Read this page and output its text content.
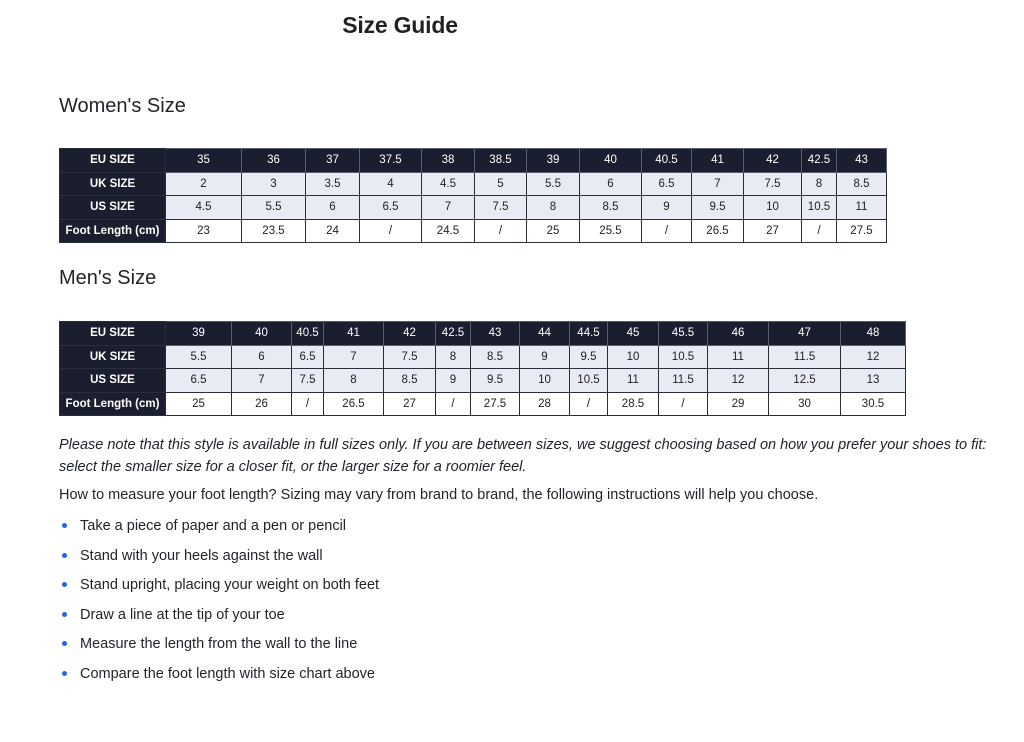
Size Guide
Women's Size
EU SIZE	35	36	37	37.5	38	38.5	39	40	40.5	41	42	42.5	43
UK SIZE	2	3	3.5	4	4.5	5	5.5	6	6.5	7	7.5	8	8.5
US SIZE	4.5	5.5	6	6.5	7	7.5	8	8.5	9	9.5	10	10.5	11
Foot Length (cm)	23	23.5	24	/	24.5	/	25	25.5	/	26.5	27	/	27.5
Men's Size
EU SIZE	39	40	40.5	41	42	42.5	43	44	44.5	45	45.5	46	47	48
UK SIZE	5.5	6	6.5	7	7.5	8	8.5	9	9.5	10	10.5	11	11.5	12
US SIZE	6.5	7	7.5	8	8.5	9	9.5	10	10.5	11	11.5	12	12.5	13
Foot Length (cm)	25	26	/	26.5	27	/	27.5	28	/	28.5	/	29	30	30.5

Please note that this style is available in full sizes only. If you are between sizes, we suggest choosing based on how you prefer your shoes to fit: select the smaller size for a closer fit, or the larger size for a roomier feel.

How to measure your foot length? Sizing may vary from brand to brand, the following instructions will help you choose.

Take a piece of paper and a pen or pencil
Stand with your heels against the wall
Stand upright, placing your weight on both feet
Draw a line at the tip of your toe
Measure the length from the wall to the line
Compare the foot length with size chart above
